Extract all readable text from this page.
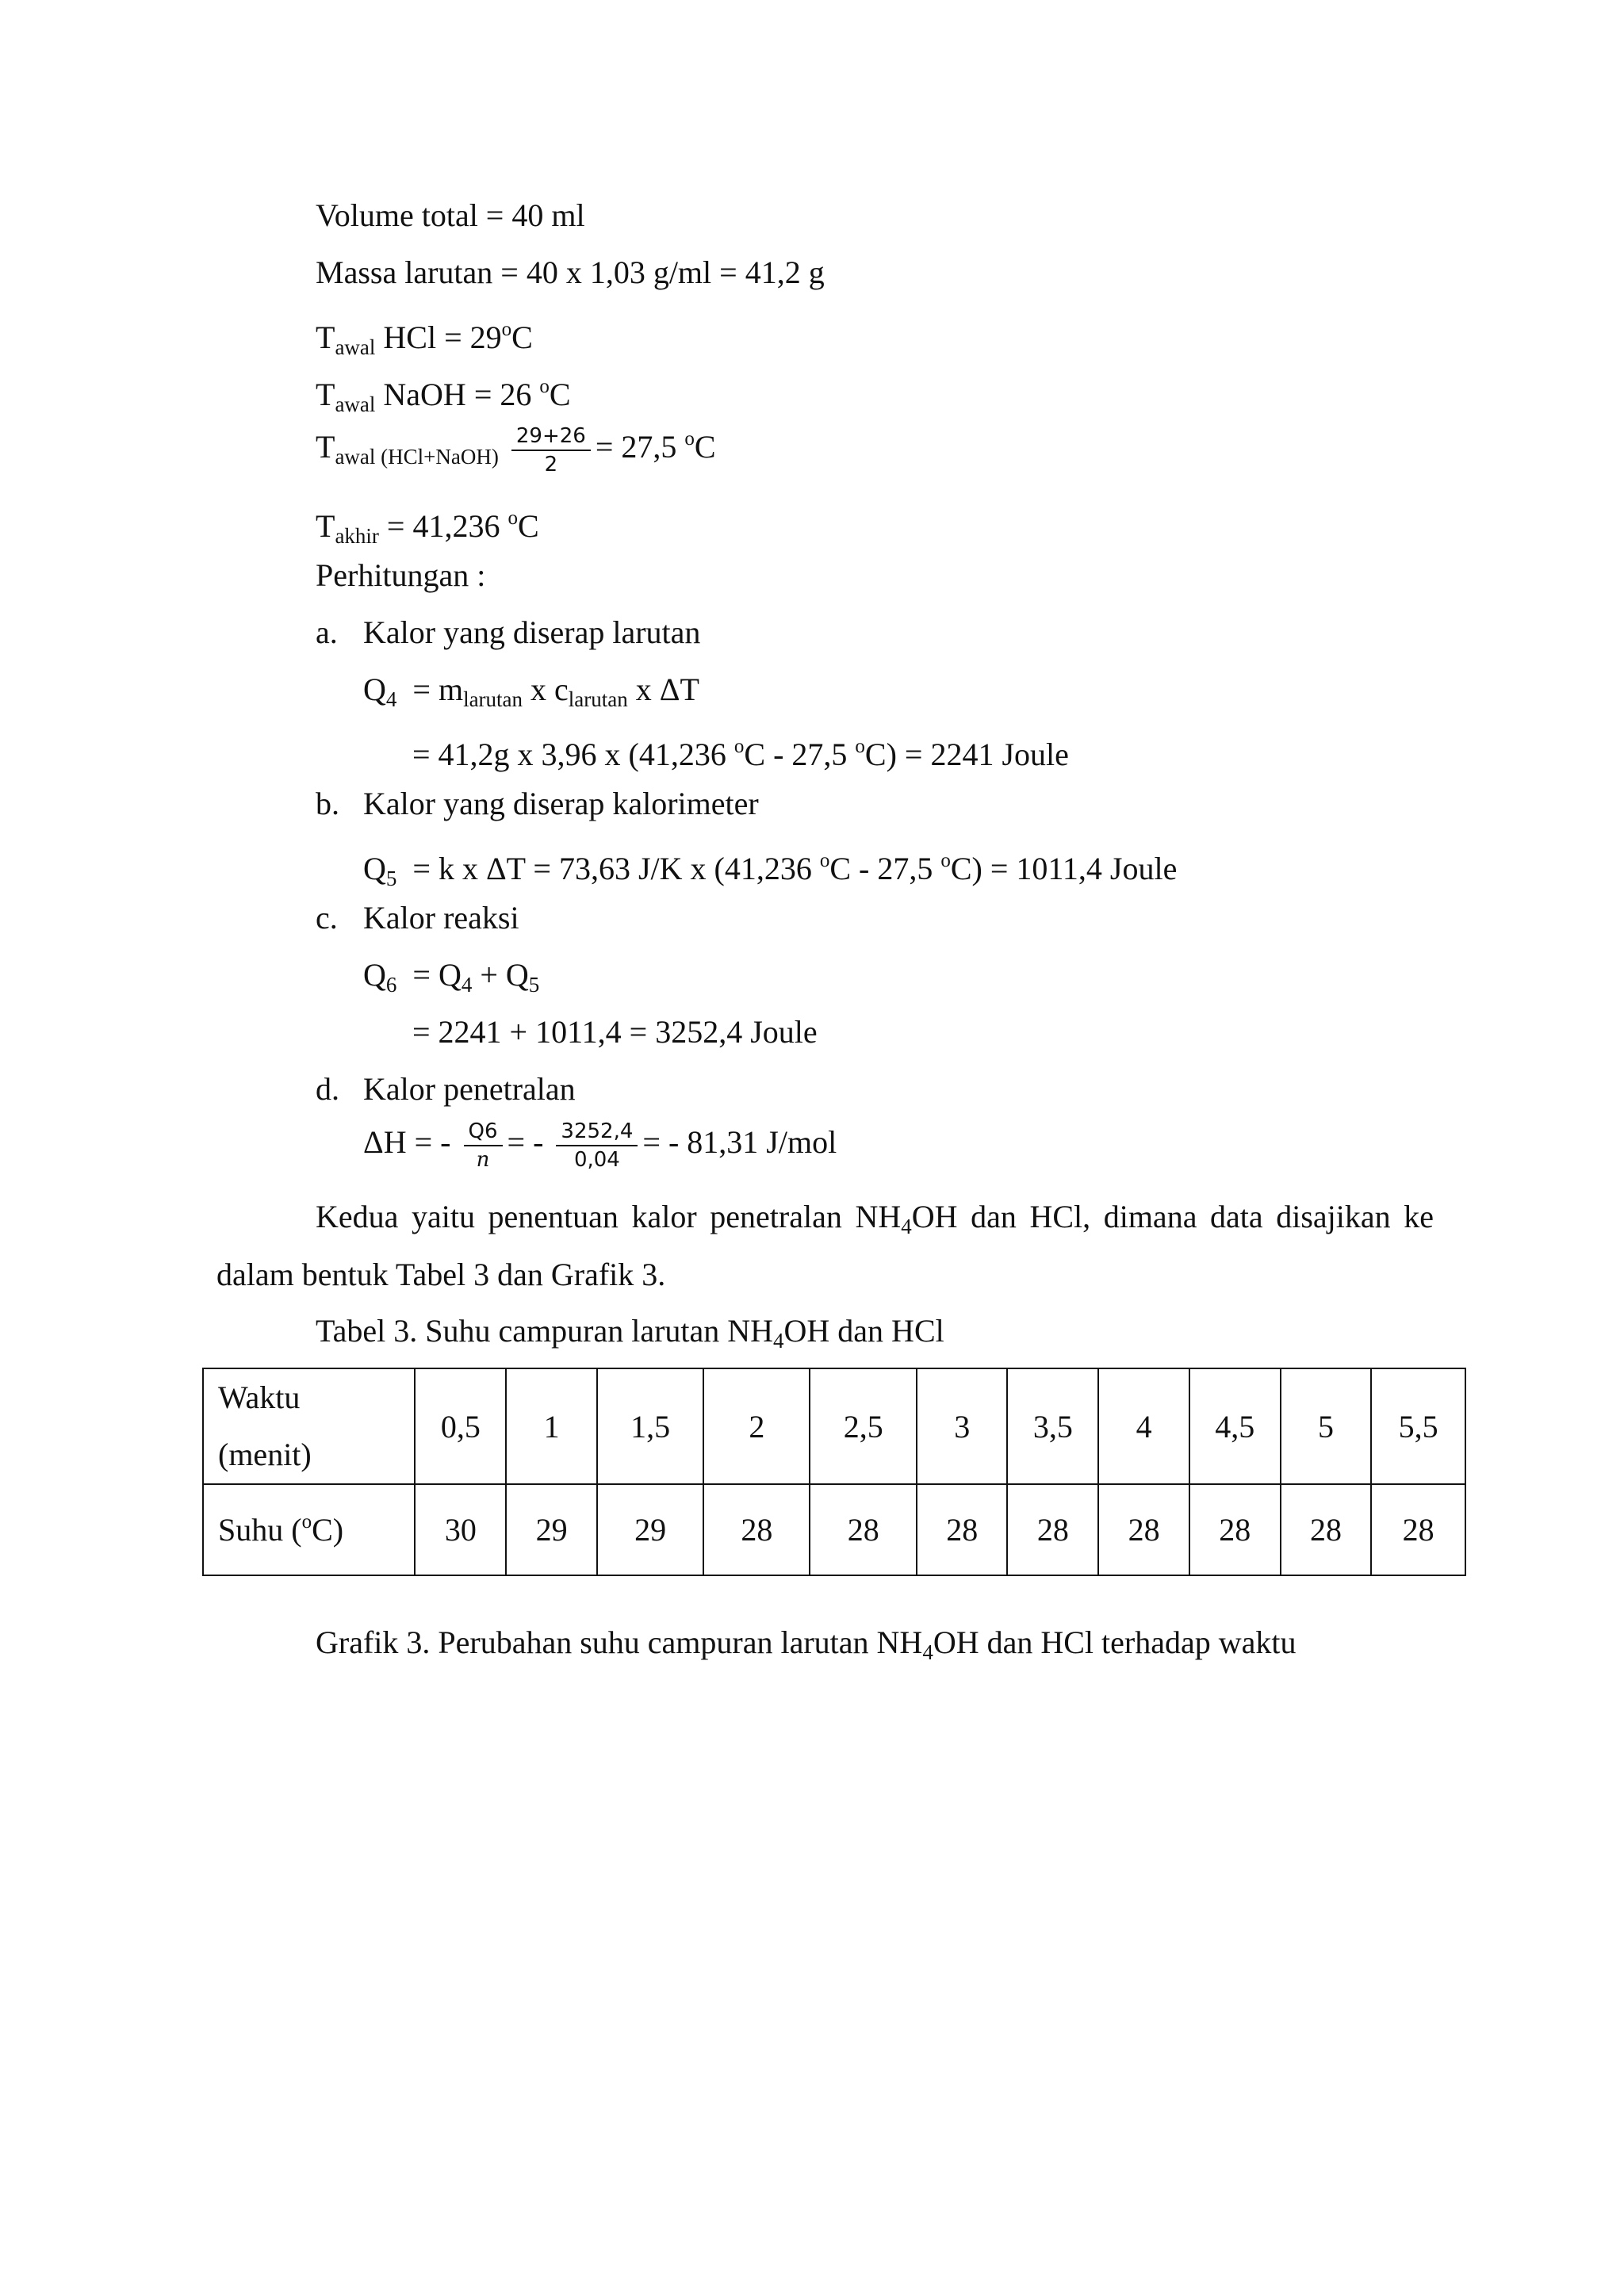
Volume total = 40 ml
Massa larutan = 40 x 1,03 g/ml = 41,2 g
$T_{awal}$ HCl = $29^oC$
$T_{awal}$ NaOH = 26 $^o$C
$T_{awal (HCl+NaOH)} \frac{29+26}{2} = 27,5$ $^o$C
$T_{akhir} = 41,236$ $^o$C
Perhitungan :
a. Kalor yang diserap larutan
$Q_4 = m_{larutan}$ x $c_{larutan}$ x ΔT
= 41,2g x 3,96 x (41,236 $^o$C - 27,5 $^o$C) = 2241 Joule
b. Kalor yang diserap kalorimeter
$Q_5 = k$ x ΔT = 73,63 J/K x (41,236 $^o$C - 27,5 $^o$C) = 1011,4 Joule
c. Kalor reaksi
$Q_6 = Q_4 + Q_5$
= 2241 + 1011,4 = 3252,4 Joule
d. Kalor penetralan
ΔH = - $\frac{Q6}{n}$ = - $\frac{3252,4}{0,04}$ = - 81,31 J/mol
Kedua yaitu penentuan kalor penetralan $NH_4OH$ dan HCl, dimana data disajikan ke
dalam bentuk Tabel 3 dan Grafik 3.
Tabel 3. Suhu campuran larutan $NH_4OH$ dan HCl
Waktu
(menit)	0,5	1	1,5	2	2,5	3	3,5	4	4,5	5	5,5
Suhu ($^o$C)	30	29	29	28	28	28	28	28	28	28	28
Grafik 3. Perubahan suhu campuran larutan $NH_4OH$ dan HCl terhadap waktu
